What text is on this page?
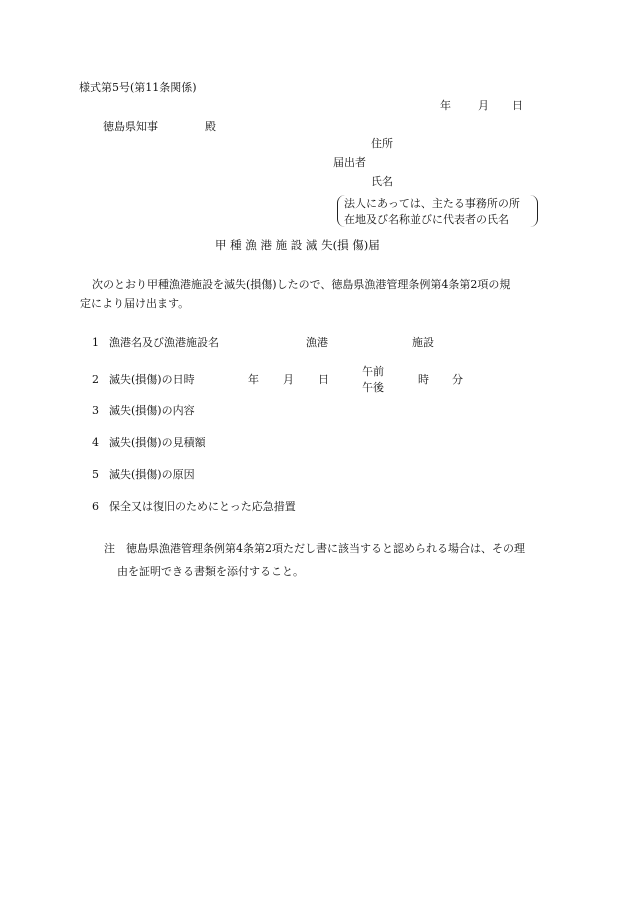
様式第5号(第11条関係)
年 月 日
徳島県知事	殿
住所
届出者
氏名
法人にあっては、主たる事務所の所
在地及び名称並びに代表者の氏名
甲 種 漁 港 施 設 滅 失(損 傷)届
次のとおり甲種漁港施設を滅失(損傷)したので、徳島県漁港管理条例第4条第2項の規
定により届け出ます。
1 漁港名及び漁港施設名	漁港	施設
2 滅失(損傷)の日時	年 月 日
午前
午後
時 分
3 滅失(損傷)の内容
4 滅失(損傷)の見積額
5 滅失(損傷)の原因
6 保全又は復旧のためにとった応急措置
注 徳島県漁港管理条例第4条第2項ただし書に該当すると認められる場合は、その理
由を証明できる書類を添付すること。
